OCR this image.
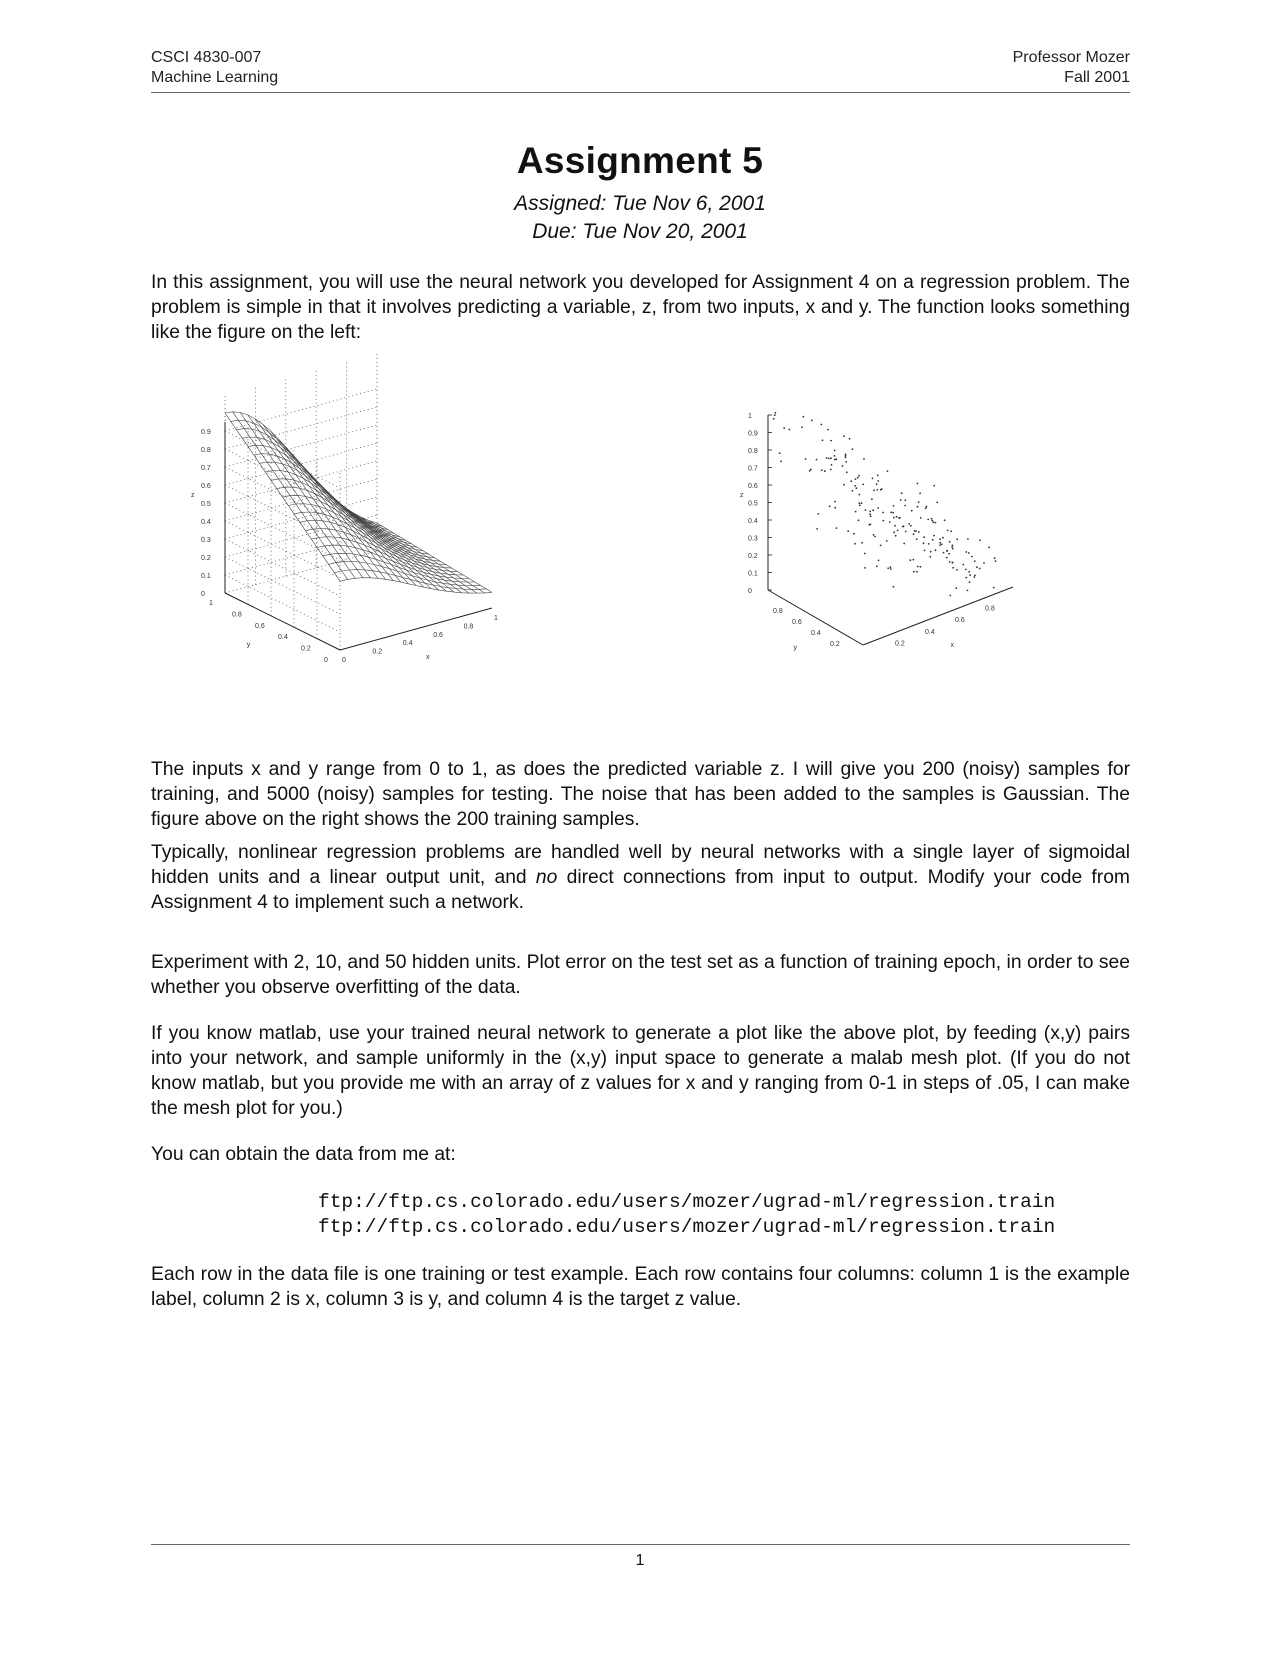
CSCI 4830-007
Machine Learning
Professor Mozer
Fall 2001
Assignment 5
Assigned: Tue Nov 6, 2001
Due: Tue Nov 20, 2001
In this assignment, you will use the neural network you developed for Assignment 4 on a regression problem. The problem is simple in that it involves predicting a variable, z, from two inputs, x and y. The function looks something like the figure on the left:
0
0.1
0.2
0.3
0.4
0.5
0.6
0.7
0.8
0.9
0
0.2
0.4
0.6
0.8
1
0
0.2
0.4
0.6
0.8
1
x
y
z
0
0.1
0.2
0.3
0.4
0.5
0.6
0.7
0.8
0.9
1
0.2
0.4
0.6
0.8
0.2
0.4
0.6
0.8
x
y
z
The inputs x and y range from 0 to 1, as does the predicted variable z. I will give you 200 (noisy) samples for training, and 5000 (noisy) samples for testing. The noise that has been added to the samples is Gaussian. The figure above on the right shows the 200 training samples.
Typically, nonlinear regression problems are handled well by neural networks with a single layer of sigmoidal hidden units and a linear output unit, and no direct connections from input to output. Modify your code from Assignment 4 to implement such a network.
Experiment with 2, 10, and 50 hidden units. Plot error on the test set as a function of training epoch, in order to see whether you observe overfitting of the data.
If you know matlab, use your trained neural network to generate a plot like the above plot, by feeding (x,y) pairs into your network, and sample uniformly in the (x,y) input space to generate a malab mesh plot. (If you do not know matlab, but you provide me with an array of z values for x and y ranging from 0-1 in steps of .05, I can make the mesh plot for you.)
You can obtain the data from me at:
ftp://ftp.cs.colorado.edu/users/mozer/ugrad-ml/regression.train
ftp://ftp.cs.colorado.edu/users/mozer/ugrad-ml/regression.train
Each row in the data file is one training or test example. Each row contains four columns: column 1 is the example label, column 2 is x, column 3 is y, and column 4 is the target z value.
1
